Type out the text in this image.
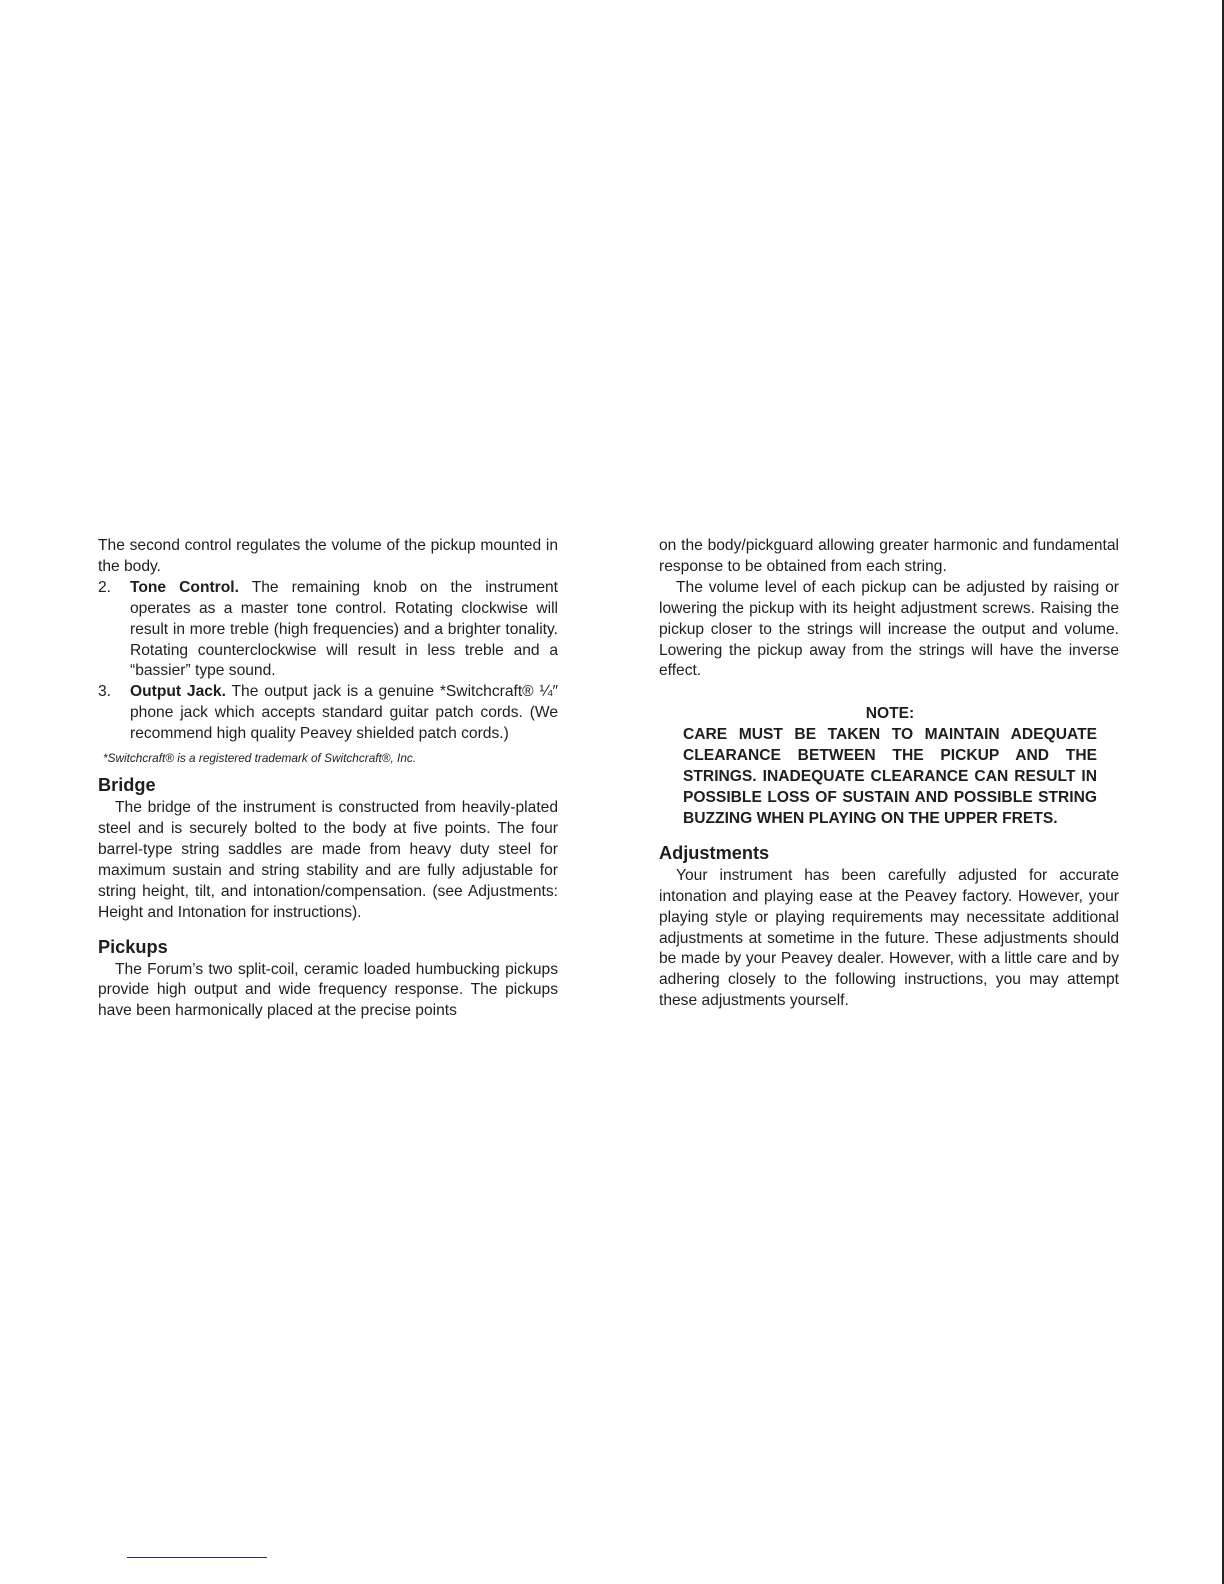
The second control regulates the volume of the pickup mounted in the body.

2.	Tone Control. The remaining knob on the instrument operates as a master tone control. Rotating clockwise will result in more treble (high frequencies) and a brighter tonality. Rotating counterclockwise will result in less treble and a “bassier” type sound.
3.	Output Jack. The output jack is a genuine *Switchcraft® ¼″ phone jack which accepts standard guitar patch cords. (We recommend high quality Peavey shielded patch cords.)

*Switchcraft® is a registered trademark of Switchcraft®, Inc.

Bridge

The bridge of the instrument is constructed from heavily-plated steel and is securely bolted to the body at five points. The four barrel-type string saddles are made from heavy duty steel for maximum sustain and string stability and are fully adjustable for string height, tilt, and intonation/compensation. (see Adjustments: Height and Intonation for instructions).

Pickups

The Forum’s two split-coil, ceramic loaded humbucking pickups provide high output and wide frequency response. The pickups have been harmonically placed at the precise points

on the body/pickguard allowing greater harmonic and fundamental response to be obtained from each string.

The volume level of each pickup can be adjusted by raising or lowering the pickup with its height adjustment screws. Raising the pickup closer to the strings will increase the output and volume. Lowering the pickup away from the strings will have the inverse effect.

NOTE:
CARE MUST BE TAKEN TO MAINTAIN ADEQUATE CLEARANCE BETWEEN THE PICKUP AND THE STRINGS. INADEQUATE CLEARANCE CAN RESULT IN POSSIBLE LOSS OF SUSTAIN AND POSSIBLE STRING BUZZING WHEN PLAYING ON THE UPPER FRETS.
Adjustments

Your instrument has been carefully adjusted for accurate intonation and playing ease at the Peavey factory. However, your playing style or playing requirements may necessitate additional adjustments at sometime in the future. These adjustments should be made by your Peavey dealer. However, with a little care and by adhering closely to the following instructions, you may attempt these adjustments yourself.
